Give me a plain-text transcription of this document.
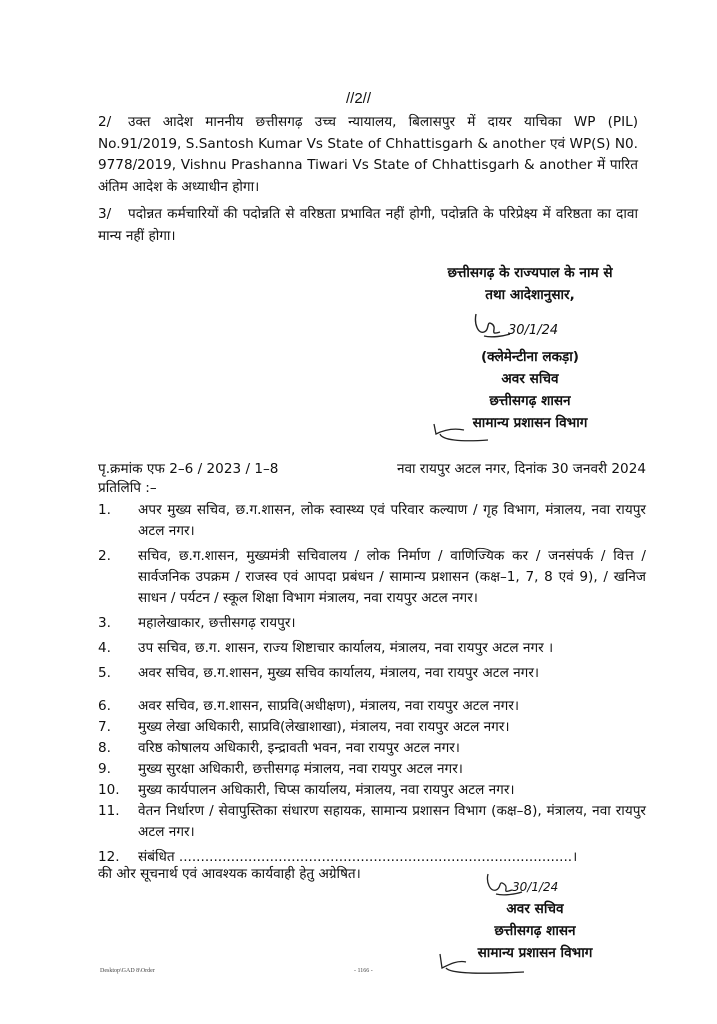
//2//
2/ उक्त आदेश माननीय छत्तीसगढ़ उच्च न्यायालय, बिलासपुर में दायर याचिका WP (PIL) No.91/2019, S.Santosh Kumar Vs State of Chhattisgarh & another एवं WP(S) N0. 9778/2019, Vishnu Prashanna Tiwari Vs State of Chhattisgarh & another में पारित अंतिम आदेश के अध्याधीन होगा।
3/ पदोन्नत कर्मचारियों की पदोन्नति से वरिष्ठता प्रभावित नहीं होगी, पदोन्नति के परिप्रेक्ष्य में वरिष्ठता का दावा मान्य नहीं होगा।
छत्तीसगढ़ के राज्यपाल के नाम से
तथा आदेशानुसार,
30/1/24
(क्लेमेन्टीना लकड़ा)
अवर सचिव
छत्तीसगढ़ शासन
सामान्य प्रशासन विभाग
पृ.क्रमांक एफ 2–6 / 2023 / 1–8	नवा रायपुर अटल नगर, दिनांक 30 जनवरी 2024
प्रतिलिपि :–
1.	अपर मुख्य सचिव, छ.ग.शासन, लोक स्वास्थ्य एवं परिवार कल्याण / गृह विभाग, मंत्रालय, नवा रायपुर अटल नगर।
2.	सचिव, छ.ग.शासन, मुख्यमंत्री सचिवालय / लोक निर्माण / वाणिज्यिक कर / जनसंपर्क / वित्त / सार्वजनिक उपक्रम / राजस्व एवं आपदा प्रबंधन / सामान्य प्रशासन (कक्ष–1, 7, 8 एवं 9), / खनिज साधन / पर्यटन / स्कूल शिक्षा विभाग मंत्रालय, नवा रायपुर अटल नगर।
3.	महालेखाकार, छत्तीसगढ़ रायपुर।
4.	उप सचिव, छ.ग. शासन, राज्य शिष्टाचार कार्यालय, मंत्रालय, नवा रायपुर अटल नगर ।
5.	अवर सचिव, छ.ग.शासन, मुख्य सचिव कार्यालय, मंत्रालय, नवा रायपुर अटल नगर।
6.	अवर सचिव, छ.ग.शासन, साप्रवि(अधीक्षण), मंत्रालय, नवा रायपुर अटल नगर।
7.	मुख्य लेखा अधिकारी, साप्रवि(लेखाशाखा), मंत्रालय, नवा रायपुर अटल नगर।
8.	वरिष्ठ कोषालय अधिकारी, इन्द्रावती भवन, नवा रायपुर अटल नगर।
9.	मुख्य सुरक्षा अधिकारी, छत्तीसगढ़ मंत्रालय, नवा रायपुर अटल नगर।
10.	मुख्य कार्यपालन अधिकारी, चिप्स कार्यालय, मंत्रालय, नवा रायपुर अटल नगर।
11.	वेतन निर्धारण / सेवापुस्तिका संधारण सहायक, सामान्य प्रशासन विभाग (कक्ष–8), मंत्रालय, नवा रायपुर अटल नगर।
12.	संबंधित ...........................................................................................।
की ओर सूचनार्थ एवं आवश्यक कार्यवाही हेतु अग्रेषित।
30/1/24
अवर सचिव
छत्तीसगढ़ शासन
सामान्य प्रशासन विभाग
Desktop\GAD 8\Order	- 1166 -
